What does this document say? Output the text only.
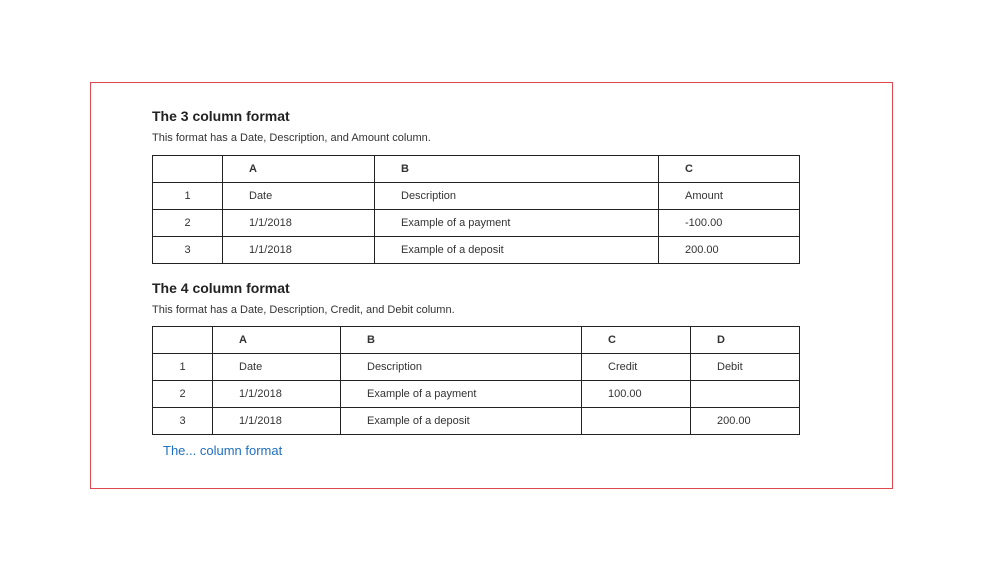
The 3 column format

This format has a Date, Description, and Amount column.

	A	B	C
1	Date	Description	Amount
2	1/1/2018	Example of a payment	-100.00
3	1/1/2018	Example of a deposit	200.00
The 4 column format

This format has a Date, Description, Credit, and Debit column.

	A	B	C	D
1	Date	Description	Credit	Debit
2	1/1/2018	Example of a payment	100.00	
3	1/1/2018	Example of a deposit		200.00
The... column format
